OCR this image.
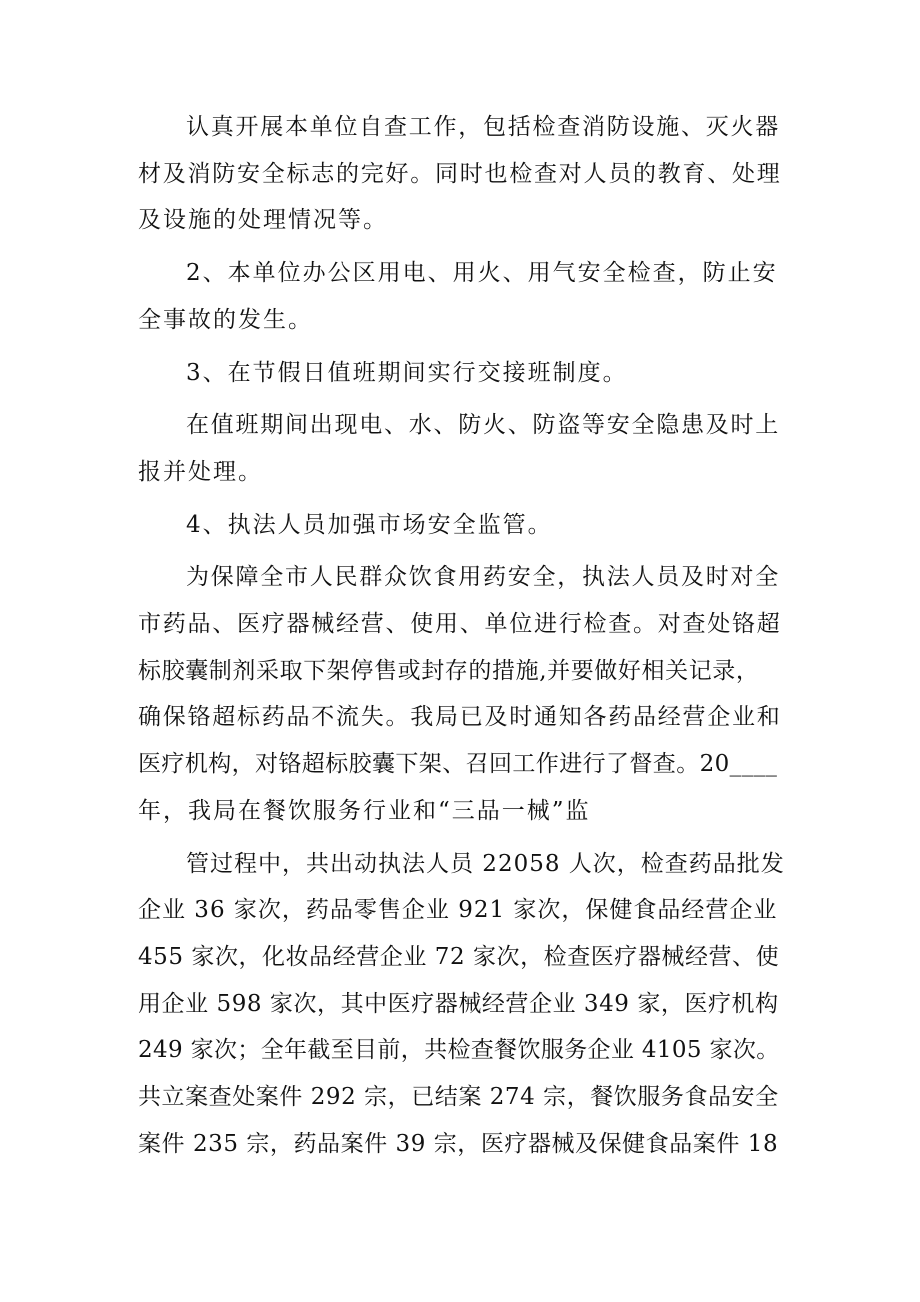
认真开展本单位自查工作，包括检查消防设施、灭火器
材及消防安全标志的完好。同时也检查对人员的教育、处理
及设施的处理情况等。

2、本单位办公区用电、用火、用气安全检查，防止安
全事故的发生。

3、在节假日值班期间实行交接班制度。

在值班期间出现电、水、防火、防盗等安全隐患及时上
报并处理。

4、执法人员加强市场安全监管。

为保障全市人民群众饮食用药安全，执法人员及时对全
市药品、医疗器械经营、使用、单位进行检查。对查处铬超
标胶囊制剂采取下架停售或封存的措施,并要做好相关记录，
确保铬超标药品不流失。我局已及时通知各药品经营企业和
医疗机构，对铬超标胶囊下架、召回工作进行了督查。20____
年，我局在餐饮服务行业和“三品一械”监

管过程中，共出动执法人员 22058 人次，检查药品批发
企业 36 家次，药品零售企业 921 家次，保健食品经营企业
455 家次，化妆品经营企业 72 家次，检查医疗器械经营、使
用企业 598 家次，其中医疗器械经营企业 349 家，医疗机构
249 家次；全年截至目前，共检查餐饮服务企业 4105 家次。
共立案查处案件 292 宗，已结案 274 宗，餐饮服务食品安全
案件 235 宗，药品案件 39 宗，医疗器械及保健食品案件 18
